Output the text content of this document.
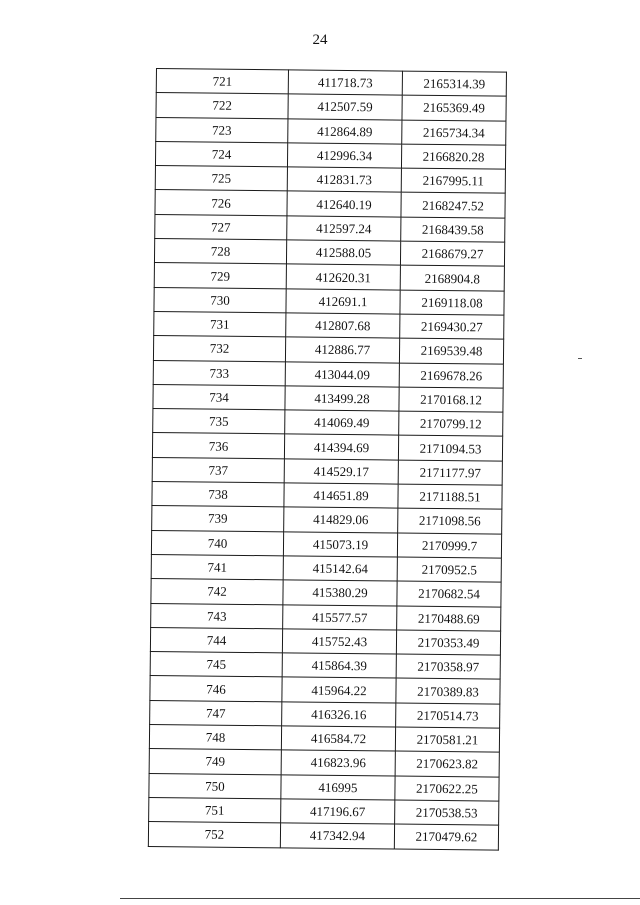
24
721	411718.73	2165314.39
722	412507.59	2165369.49
723	412864.89	2165734.34
724	412996.34	2166820.28
725	412831.73	2167995.11
726	412640.19	2168247.52
727	412597.24	2168439.58
728	412588.05	2168679.27
729	412620.31	2168904.8
730	412691.1	2169118.08
731	412807.68	2169430.27
732	412886.77	2169539.48
733	413044.09	2169678.26
734	413499.28	2170168.12
735	414069.49	2170799.12
736	414394.69	2171094.53
737	414529.17	2171177.97
738	414651.89	2171188.51
739	414829.06	2171098.56
740	415073.19	2170999.7
741	415142.64	2170952.5
742	415380.29	2170682.54
743	415577.57	2170488.69
744	415752.43	2170353.49
745	415864.39	2170358.97
746	415964.22	2170389.83
747	416326.16	2170514.73
748	416584.72	2170581.21
749	416823.96	2170623.82
750	416995	2170622.25
751	417196.67	2170538.53
752	417342.94	2170479.62
